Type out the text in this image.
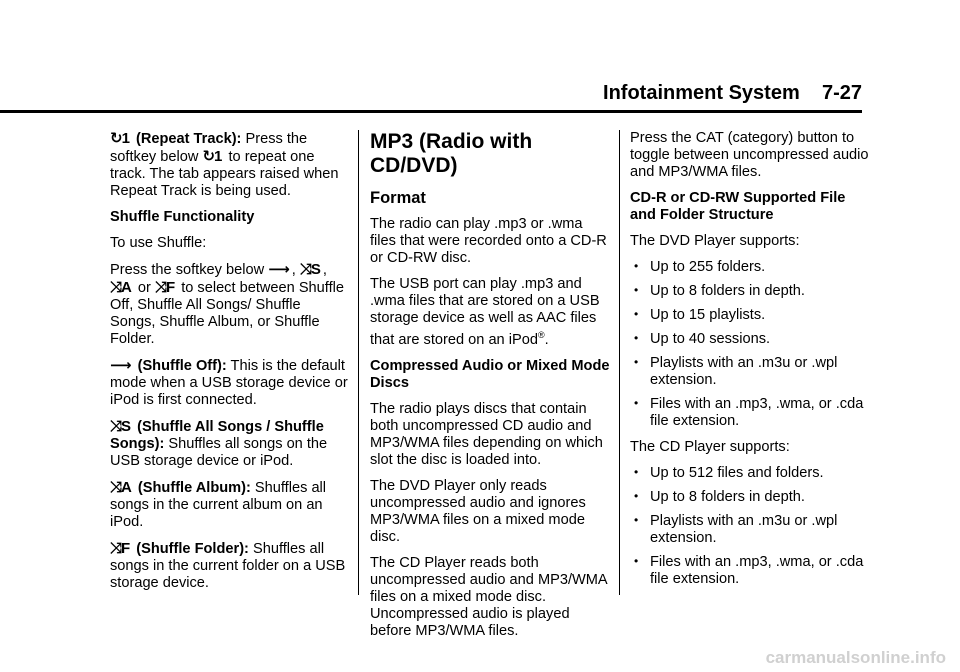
Infotainment System    7-27

↻1 (Repeat Track): Press the softkey below ↻1 to repeat one track. The tab appears raised when Repeat Track is being used.

Shuffle Functionality

To use Shuffle:

Press the softkey below ⟶ , ⤨S , ⤨A or ⤨F to select between Shuffle Off, Shuffle All Songs/ Shuffle Songs, Shuffle Album, or Shuffle Folder.

⟶ (Shuffle Off): This is the default mode when a USB storage device or iPod is first connected.

⤨S (Shuffle All Songs / Shuffle Songs): Shuffles all songs on the USB storage device or iPod.

⤨A (Shuffle Album): Shuffles all songs in the current album on an iPod.

⤨F (Shuffle Folder): Shuffles all songs in the current folder on a USB storage device.

MP3 (Radio with CD/DVD)
Format

The radio can play .mp3 or .wma files that were recorded onto a CD-R or CD-RW disc.

The USB port can play .mp3 and .wma files that are stored on a USB storage device as well as AAC files that are stored on an iPod®.

Compressed Audio or Mixed Mode Discs

The radio plays discs that contain both uncompressed CD audio and MP3/WMA files depending on which slot the disc is loaded into.

The DVD Player only reads uncompressed audio and ignores MP3/WMA files on a mixed mode disc.

The CD Player reads both uncompressed audio and MP3/WMA files on a mixed mode disc. Uncompressed audio is played before MP3/WMA files.

Press the CAT (category) button to toggle between uncompressed audio and MP3/WMA files.

CD-R or CD-RW Supported File and Folder Structure

The DVD Player supports:

• Up to 255 folders.
• Up to 8 folders in depth.
• Up to 15 playlists.
• Up to 40 sessions.
• Playlists with an .m3u or .wpl extension.
• Files with an .mp3, .wma, or .cda file extension.

The CD Player supports:

• Up to 512 files and folders.
• Up to 8 folders in depth.
• Playlists with an .m3u or .wpl extension.
• Files with an .mp3, .wma, or .cda file extension.
carmanualsonline.info
